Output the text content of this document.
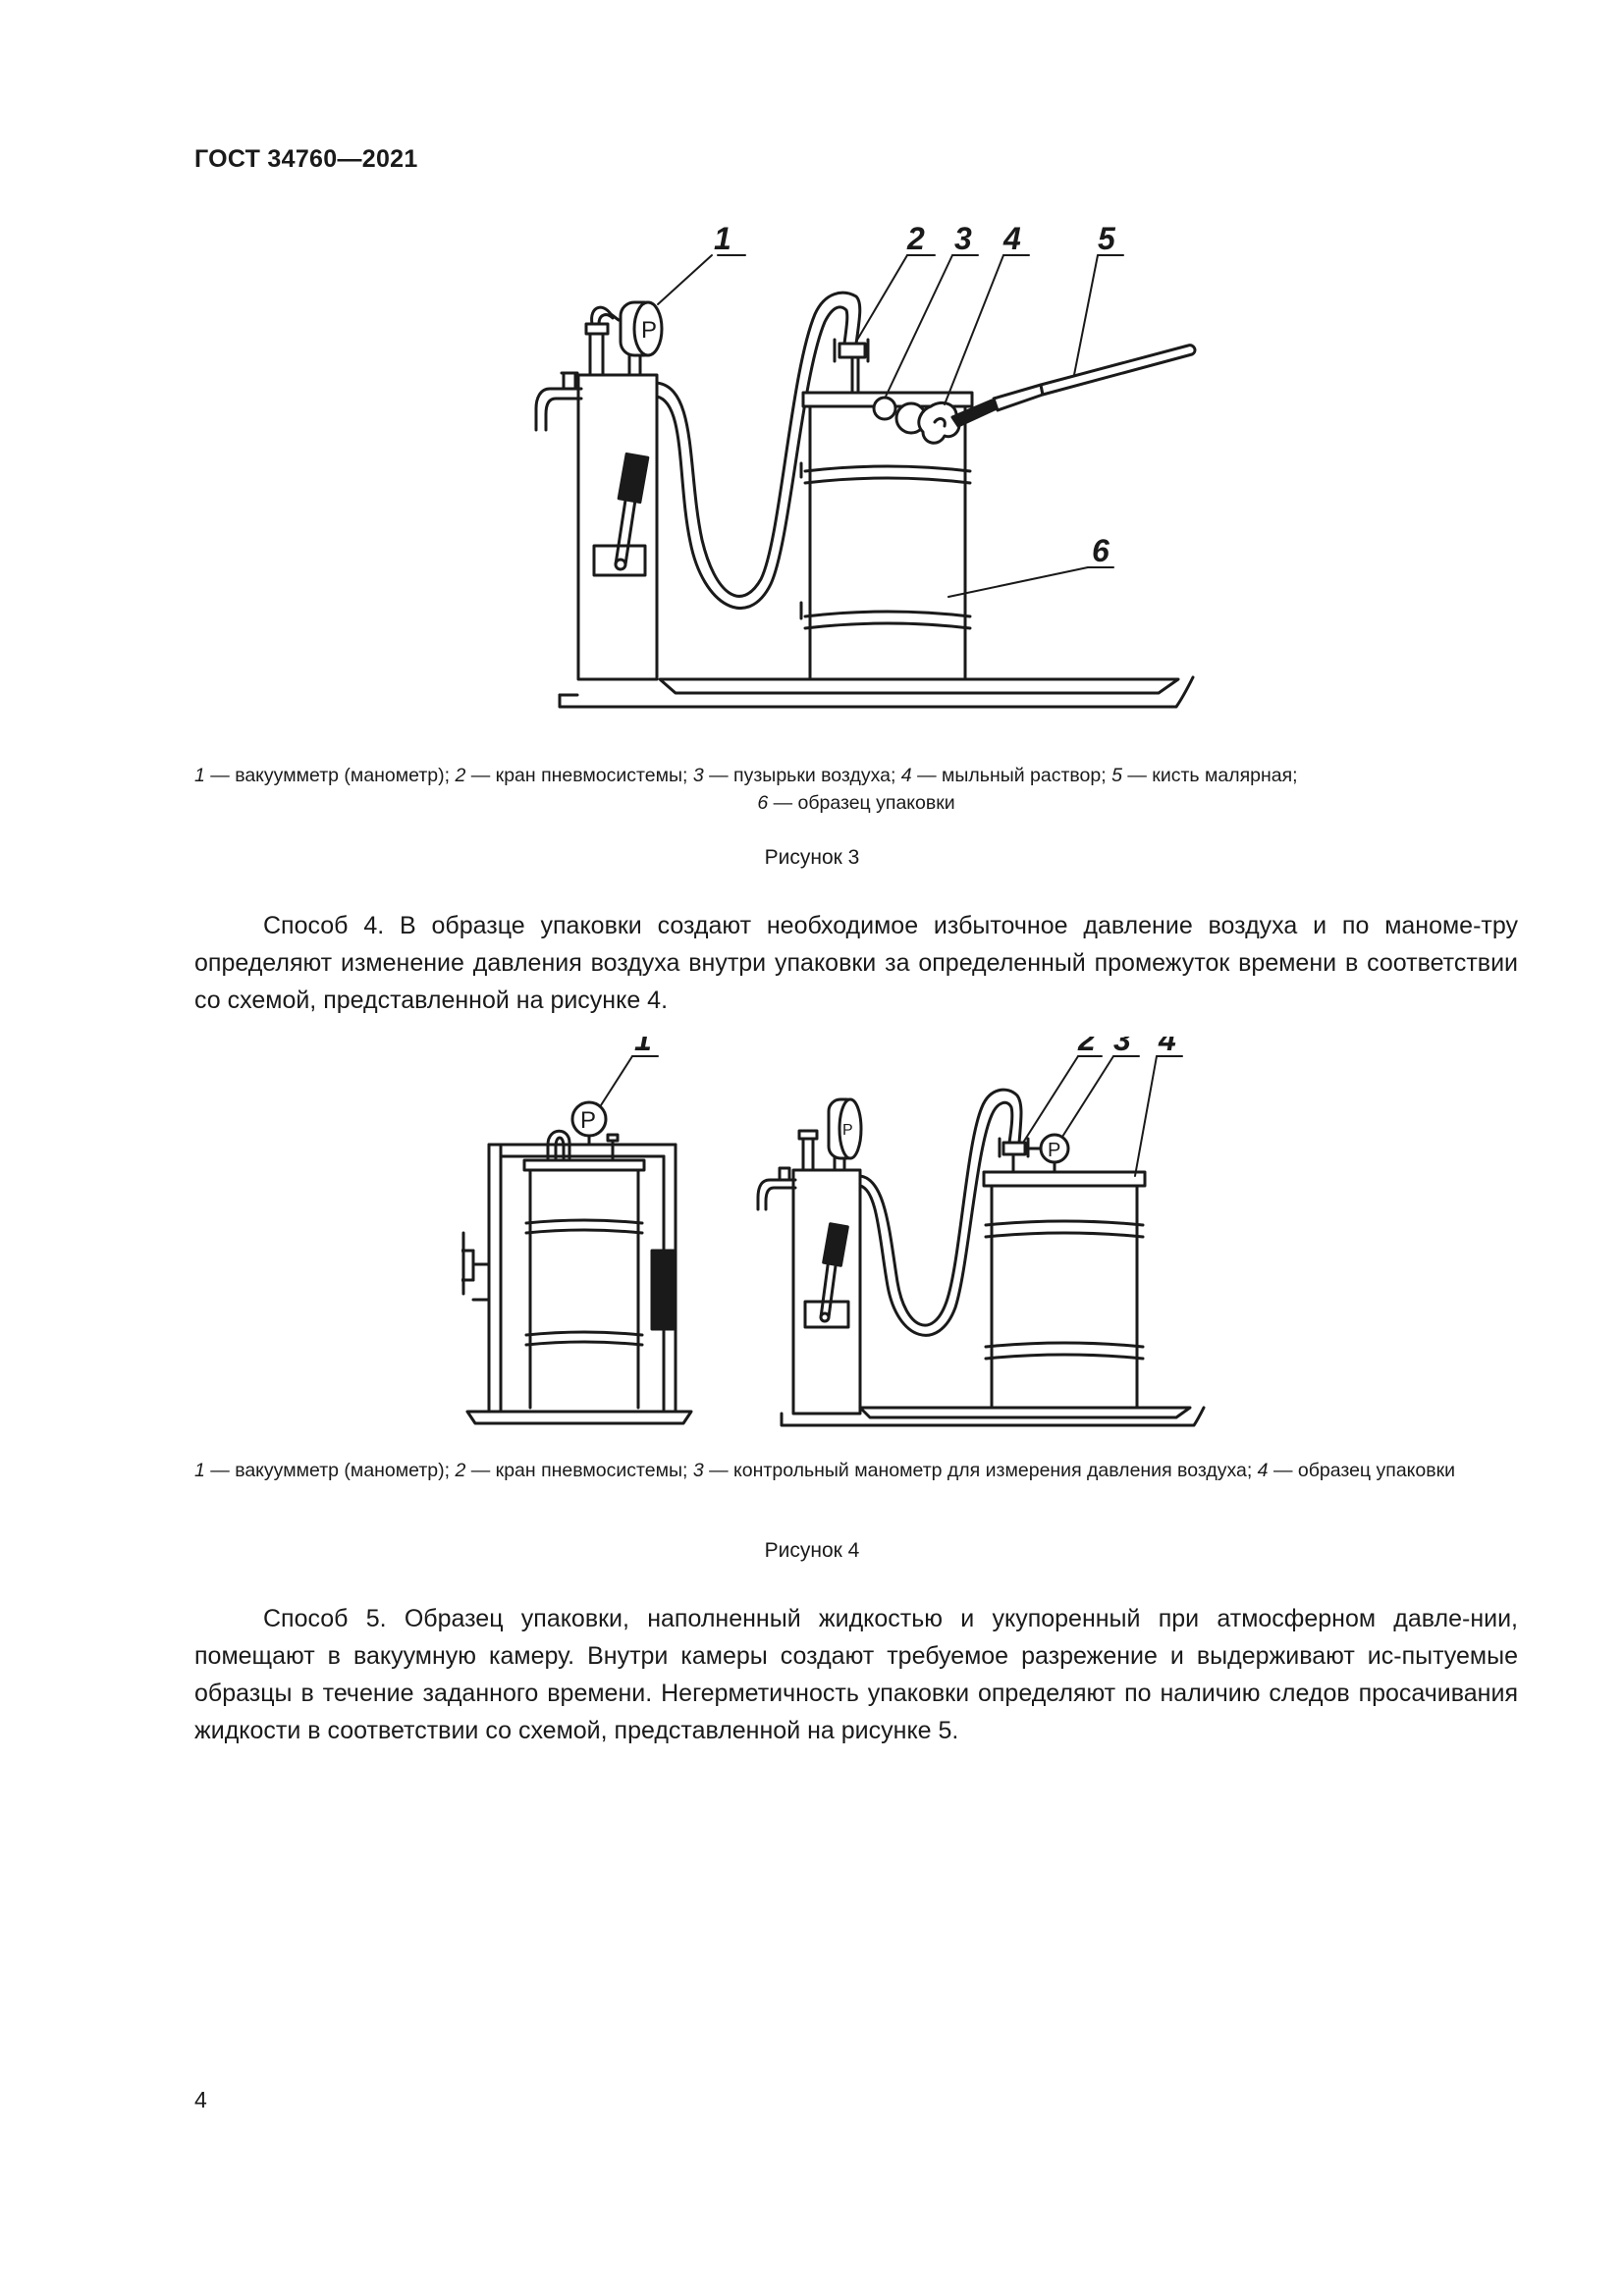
ГОСТ 34760—2021
P
1	2 3 4 5
6
1 — вакуумметр (манометр); 2 — кран пневмосистемы; 3 — пузырьки воздуха; 4 — мыльный раствор; 5 — кисть малярная;
6 — образец упаковки
Рисунок 3
Способ 4. В образце упаковки создают необходимое избыточное давление воздуха и по маноме-тру определяют изменение давления воздуха внутри упаковки за определенный промежуток времени в соответствии со схемой, представленной на рисунке 4.
P	P
P
1	2 3 4
1 — вакуумметр (манометр); 2 — кран пневмосистемы; 3 — контрольный манометр для измерения давления воздуха; 4 — образец упаковки
Рисунок 4
Способ 5. Образец упаковки, наполненный жидкостью и укупоренный при атмосферном давле-нии, помещают в вакуумную камеру. Внутри камеры создают требуемое разрежение и выдерживают ис-пытуемые образцы в течение заданного времени. Негерметичность упаковки определяют по наличию следов просачивания жидкости в соответствии со схемой, представленной на рисунке 5.
4
